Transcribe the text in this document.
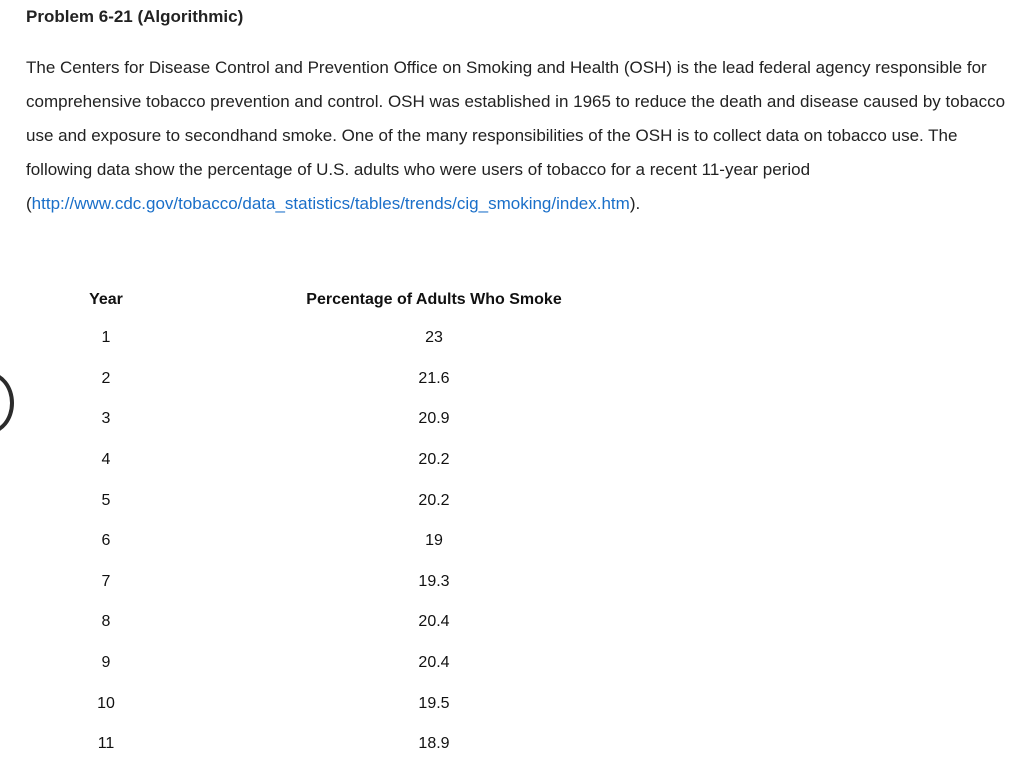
Problem 6-21 (Algorithmic)

The Centers for Disease Control and Prevention Office on Smoking and Health (OSH) is the lead federal agency responsible for comprehensive tobacco prevention and control. OSH was established in 1965 to reduce the death and disease caused by tobacco use and exposure to secondhand smoke. One of the many responsibilities of the OSH is to collect data on tobacco use. The following data show the percentage of U.S. adults who were users of tobacco for a recent 11-year period
(http://www.cdc.gov/tobacco/data_statistics/tables/trends/cig_smoking/index.htm).

Year		Percentage of Adults Who Smoke
1		23
2		21.6
3		20.9
4		20.2
5		20.2
6		19
7		19.3
8		20.4
9		20.4
10		19.5
11		18.9
